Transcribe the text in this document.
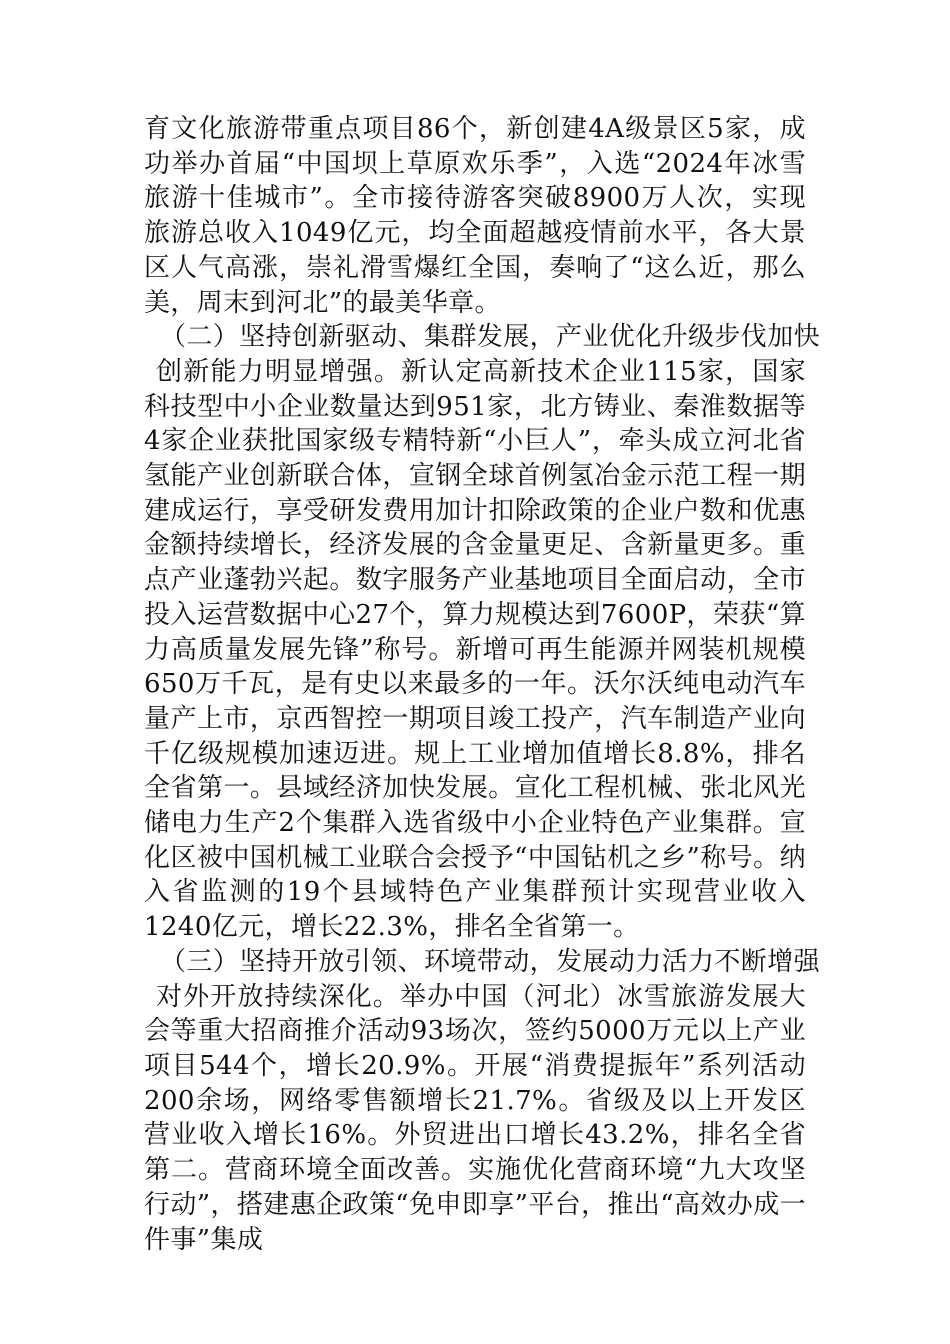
育文化旅游带重点项目86个，新创建4A级景区5家，成功举办首届“中国坝上草原欢乐季”，入选“2024年冰雪旅游十佳城市”。全市接待游客突破8900万人次，实现旅游总收入1049亿元，均全面超越疫情前水平，各大景区人气高涨，崇礼滑雪爆红全国，奏响了“这么近，那么美，周末到河北”的最美华章。

（二）坚持创新驱动、集群发展，产业优化升级步伐加快

创新能力明显增强。新认定高新技术企业115家，国家科技型中小企业数量达到951家，北方铸业、秦淮数据等4家企业获批国家级专精特新“小巨人”，牵头成立河北省氢能产业创新联合体，宣钢全球首例氢冶金示范工程一期建成运行，享受研发费用加计扣除政策的企业户数和优惠金额持续增长，经济发展的含金量更足、含新量更多。重点产业蓬勃兴起。数字服务产业基地项目全面启动，全市投入运营数据中心27个，算力规模达到7600P，荣获“算力高质量发展先锋”称号。新增可再生能源并网装机规模650万千瓦，是有史以来最多的一年。沃尔沃纯电动汽车量产上市，京西智控一期项目竣工投产，汽车制造产业向千亿级规模加速迈进。规上工业增加值增长8.8%，排名全省第一。县域经济加快发展。宣化工程机械、张北风光储电力生产2个集群入选省级中小企业特色产业集群。宣化区被中国机械工业联合会授予“中国钻机之乡”称号。纳入省监测的19个县域特色产业集群预计实现营业收入1240亿元，增长22.3%，排名全省第一。

（三）坚持开放引领、环境带动，发展动力活力不断增强

对外开放持续深化。举办中国（河北）冰雪旅游发展大会等重大招商推介活动93场次，签约5000万元以上产业项目544个，增长20.9%。开展“消费提振年”系列活动200余场，网络零售额增长21.7%。省级及以上开发区营业收入增长16%。外贸进出口增长43.2%，排名全省第二。营商环境全面改善。实施优化营商环境“九大攻坚行动”，搭建惠企政策“免申即享”平台，推出“高效办成一件事”集成
